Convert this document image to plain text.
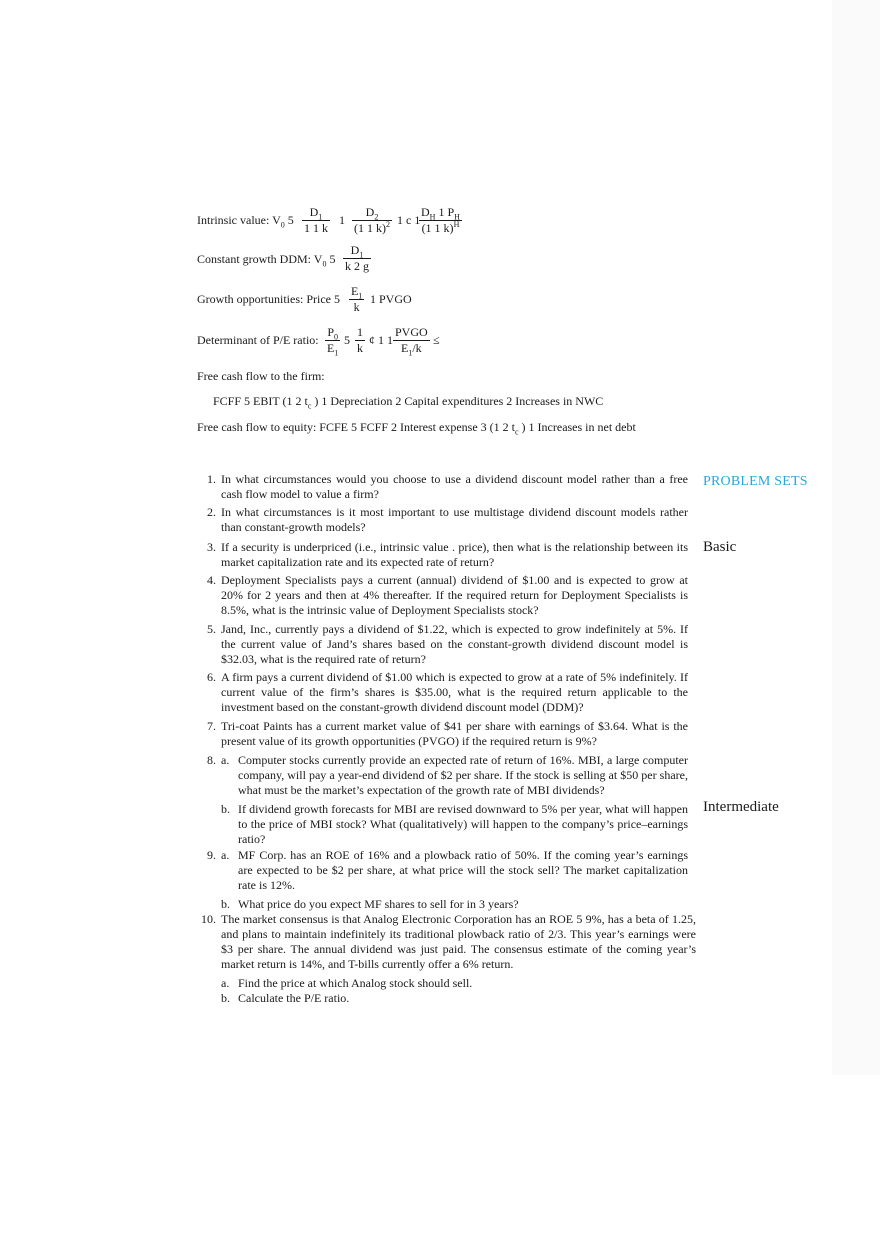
Intrinsic value: $V_0$ $5 \frac{D_1}{1 1 k} 1 \frac{D_2}{(1 1 k)^2} 1$ c 1
$\frac{D_H 1 P_H}{(1 1 k)^H}$
Constant growth DDM: $V_0$ $5 \frac{D_1}{k 2 g}$
Growth opportunities: Price $5 \frac{E_1}{k} 1$ PVGO
Determinant of P/E ratio: $\frac{P_0}{E_1} 5 \frac{1}{k}$ ¢ 1 1
PVGO
$E_1/k$
≤
Free cash flow to the firm:
FCFF 5 EBIT (1 2 $t_c$ ) 1 Depreciation 2 Capital expenditures 2 Increases in NWC
Free cash flow to equity: FCFE 5 FCFF 2 Interest expense 3 (1 2 $t_c$ ) 1 Increases in net debt
PROBLEM SETS
Basic
Intermediate
1. In what circumstances would you choose to use a dividend discount model rather than a free cash flow model to value a firm?
2. In what circumstances is it most important to use multistage dividend discount models rather than constant-growth models?
3. If a security is underpriced (i.e., intrinsic value . price), then what is the relationship between its market capitalization rate and its expected rate of return?
4. Deployment Specialists pays a current (annual) dividend of $1.00 and is expected to grow at 20% for 2 years and then at 4% thereafter. If the required return for Deployment Specialists is 8.5%, what is the intrinsic value of Deployment Specialists stock?
5. Jand, Inc., currently pays a dividend of $1.22, which is expected to grow indefinitely at 5%. If the current value of Jand’s shares based on the constant-growth dividend discount model is $32.03, what is the required rate of return?
6. A firm pays a current dividend of $1.00 which is expected to grow at a rate of 5% indefinitely. If current value of the firm’s shares is $35.00, what is the required return applicable to the investment based on the constant-growth dividend discount model (DDM)?
7. Tri-coat Paints has a current market value of $41 per share with earnings of $3.64. What is the present value of its growth opportunities (PVGO) if the required return is 9%?
8. a. Computer stocks currently provide an expected rate of return of 16%. MBI, a large computer company, will pay a year-end dividend of $2 per share. If the stock is selling at $50 per share, what must be the market’s expectation of the growth rate of MBI dividends?
b. If dividend growth forecasts for MBI are revised downward to 5% per year, what will happen to the price of MBI stock? What (qualitatively) will happen to the company’s price–earnings ratio?
9. a. MF Corp. has an ROE of 16% and a plowback ratio of 50%. If the coming year’s earnings are expected to be $2 per share, at what price will the stock sell? The market capitalization rate is 12%.
b. What price do you expect MF shares to sell for in 3 years?
10. The market consensus is that Analog Electronic Corporation has an ROE 5 9%, has a beta of 1.25, and plans to maintain indefinitely its traditional plowback ratio of 2/3. This year’s earnings were $3 per share. The annual dividend was just paid. The consensus estimate of the coming year’s market return is 14%, and T-bills currently offer a 6% return.
a. Find the price at which Analog stock should sell.
b. Calculate the P/E ratio.
